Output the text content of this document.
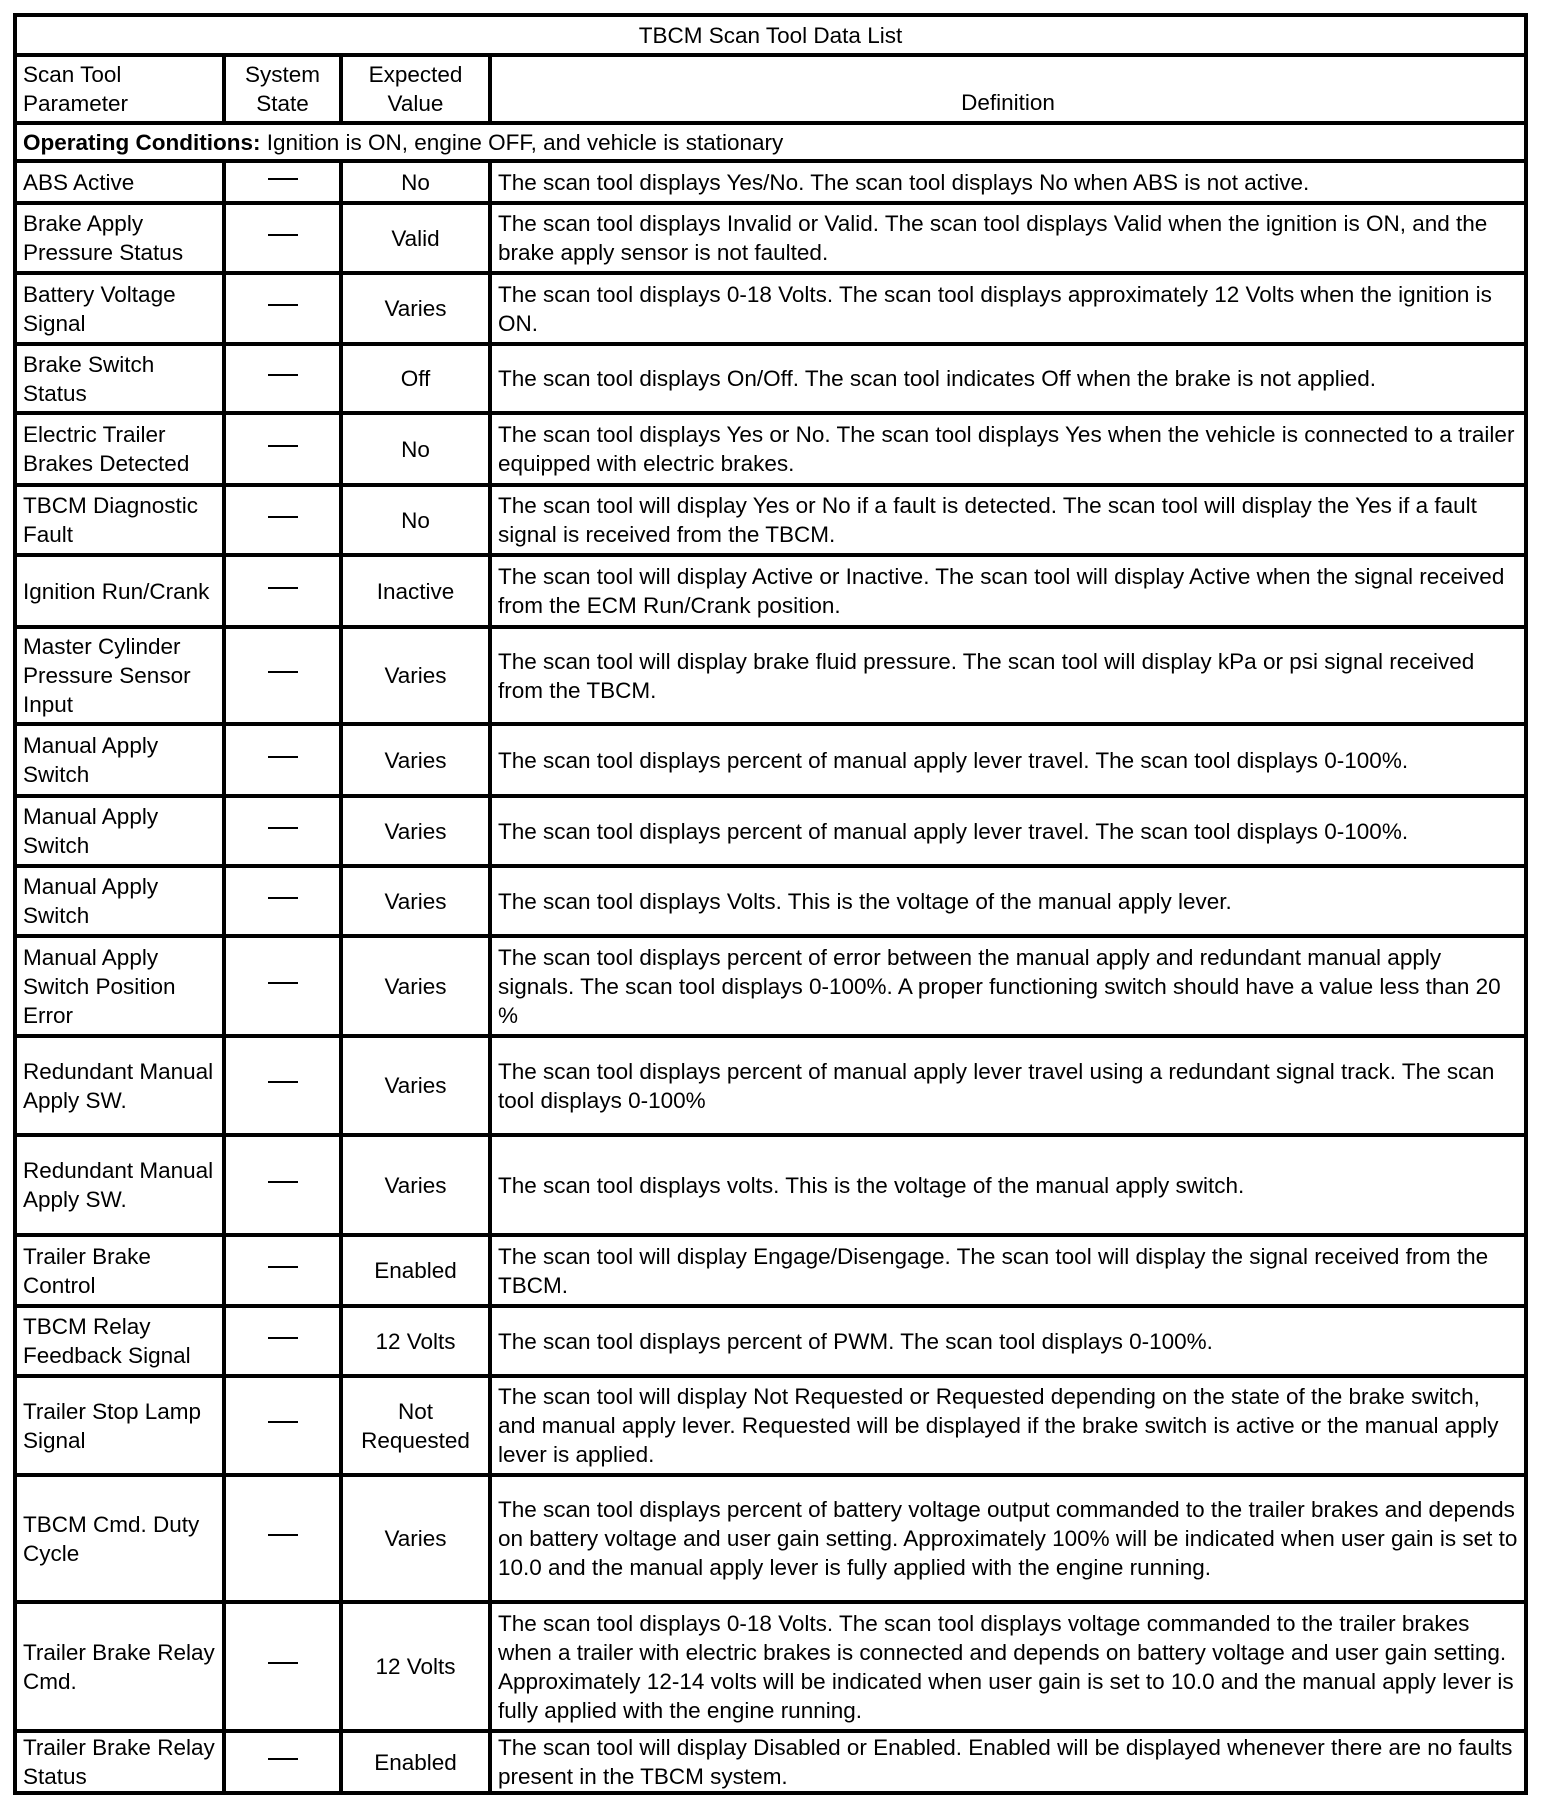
TBCM Scan Tool Data List			
Scan Tool Parameter	System State	Expected Value	Definition
Operating Conditions: Ignition is ON, engine OFF, and vehicle is stationary			
ABS Active		No	The scan tool displays Yes/No. The scan tool displays No when ABS is not active.
Brake Apply Pressure Status		Valid	The scan tool displays Invalid or Valid. The scan tool displays Valid when the ignition is ON, and the brake apply sensor is not faulted.
Battery Voltage Signal		Varies	The scan tool displays 0-18 Volts. The scan tool displays approximately 12 Volts when the ignition is ON.
Brake Switch Status		Off	The scan tool displays On/Off. The scan tool indicates Off when the brake is not applied.
Electric Trailer Brakes Detected		No	The scan tool displays Yes or No. The scan tool displays Yes when the vehicle is connected to a trailer equipped with electric brakes.
TBCM Diagnostic Fault		No	The scan tool will display Yes or No if a fault is detected. The scan tool will display the Yes if a fault signal is received from the TBCM.
Ignition Run/Crank		Inactive	The scan tool will display Active or Inactive. The scan tool will display Active when the signal received from the ECM Run/Crank position.
Master Cylinder Pressure Sensor Input		Varies	The scan tool will display brake fluid pressure. The scan tool will display kPa or psi signal received from the TBCM.
Manual Apply Switch		Varies	The scan tool displays percent of manual apply lever travel. The scan tool displays 0-100%.
Manual Apply Switch		Varies	The scan tool displays percent of manual apply lever travel. The scan tool displays 0-100%.
Manual Apply Switch		Varies	The scan tool displays Volts. This is the voltage of the manual apply lever.
Manual Apply Switch Position Error		Varies	The scan tool displays percent of error between the manual apply and redundant manual apply signals. The scan tool displays 0-100%. A proper functioning switch should have a value less than 20 %
Redundant Manual Apply SW.		Varies	The scan tool displays percent of manual apply lever travel using a redundant signal track. The scan tool displays 0-100%
Redundant Manual Apply SW.		Varies	The scan tool displays volts. This is the voltage of the manual apply switch.
Trailer Brake Control		Enabled	The scan tool will display Engage/Disengage. The scan tool will display the signal received from the TBCM.
TBCM Relay Feedback Signal		12 Volts	The scan tool displays percent of PWM. The scan tool displays 0-100%.
Trailer Stop Lamp Signal		Not Requested	The scan tool will display Not Requested or Requested depending on the state of the brake switch, and manual apply lever. Requested will be displayed if the brake switch is active or the manual apply lever is applied.
TBCM Cmd. Duty Cycle		Varies	The scan tool displays percent of battery voltage output commanded to the trailer brakes and depends on battery voltage and user gain setting. Approximately 100% will be indicated when user gain is set to 10.0 and the manual apply lever is fully applied with the engine running.
Trailer Brake Relay Cmd.		12 Volts	The scan tool displays 0-18 Volts. The scan tool displays voltage commanded to the trailer brakes when a trailer with electric brakes is connected and depends on battery voltage and user gain setting. Approximately 12-14 volts will be indicated when user gain is set to 10.0 and the manual apply lever is fully applied with the engine running.
Trailer Brake Relay Status		Enabled	The scan tool will display Disabled or Enabled. Enabled will be displayed whenever there are no faults present in the TBCM system.
